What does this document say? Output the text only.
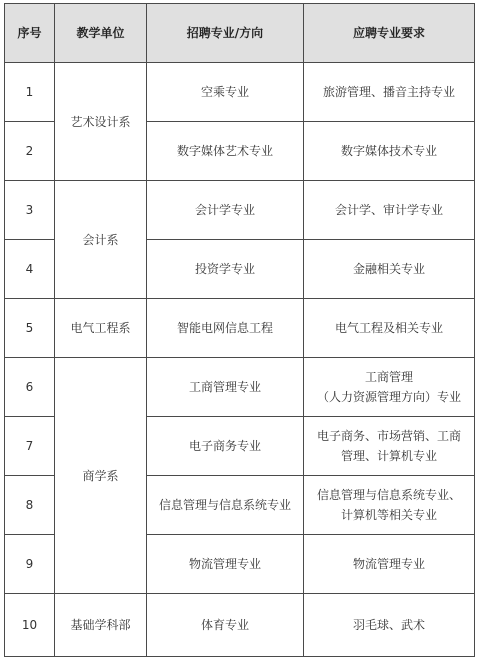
序号	教学单位	招聘专业/方向	应聘专业要求
1	艺术设计系	空乘专业	旅游管理、播音主持专业

2		数字媒体艺术专业	数字媒体技术专业

3	会计系	会计学专业	会计学、审计学专业

4		投资学专业	金融相关专业

5	电气工程系	智能电网信息工程	电气工程及相关专业

6	商学系	工商管理专业	工商管理
（人力资源管理方向）专业

7		电子商务专业	电子商务、市场营销、工商
管理、计算机专业

8		信息管理与信息系统专业	信息管理与信息系统专业、
计算机等相关专业

9		物流管理专业	物流管理专业

10	基础学科部	体育专业	羽毛球、武术
